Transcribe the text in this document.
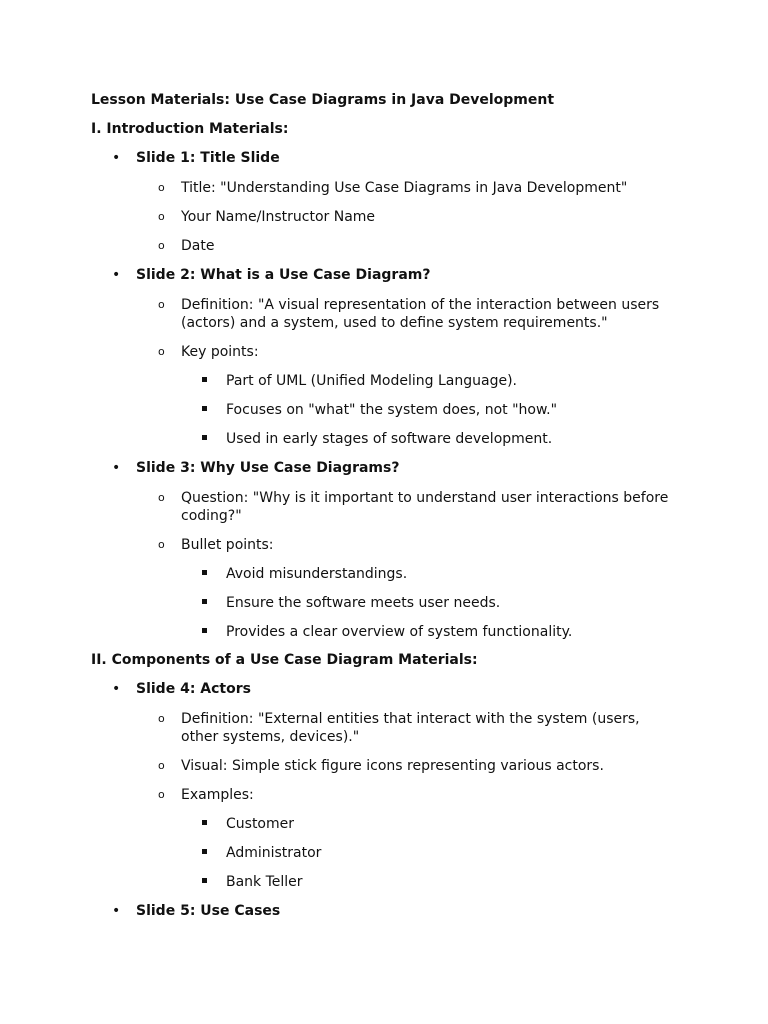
Lesson Materials: Use Case Diagrams in Java Development
I. Introduction Materials:
• Slide 1: Title Slide
o Title: "Understanding Use Case Diagrams in Java Development"
o Your Name/Instructor Name
o Date
• Slide 2: What is a Use Case Diagram?
o Definition: "A visual representation of the interaction between users (actors) and a system, used to define system requirements."
o Key points:
Part of UML (Unified Modeling Language).
Focuses on "what" the system does, not "how."
Used in early stages of software development.
• Slide 3: Why Use Case Diagrams?
o Question: "Why is it important to understand user interactions before coding?"
o Bullet points:
Avoid misunderstandings.
Ensure the software meets user needs.
Provides a clear overview of system functionality.
II. Components of a Use Case Diagram Materials:
• Slide 4: Actors
o Definition: "External entities that interact with the system (users, other systems, devices)."
o Visual: Simple stick figure icons representing various actors.
o Examples:
Customer
Administrator
Bank Teller
• Slide 5: Use Cases
